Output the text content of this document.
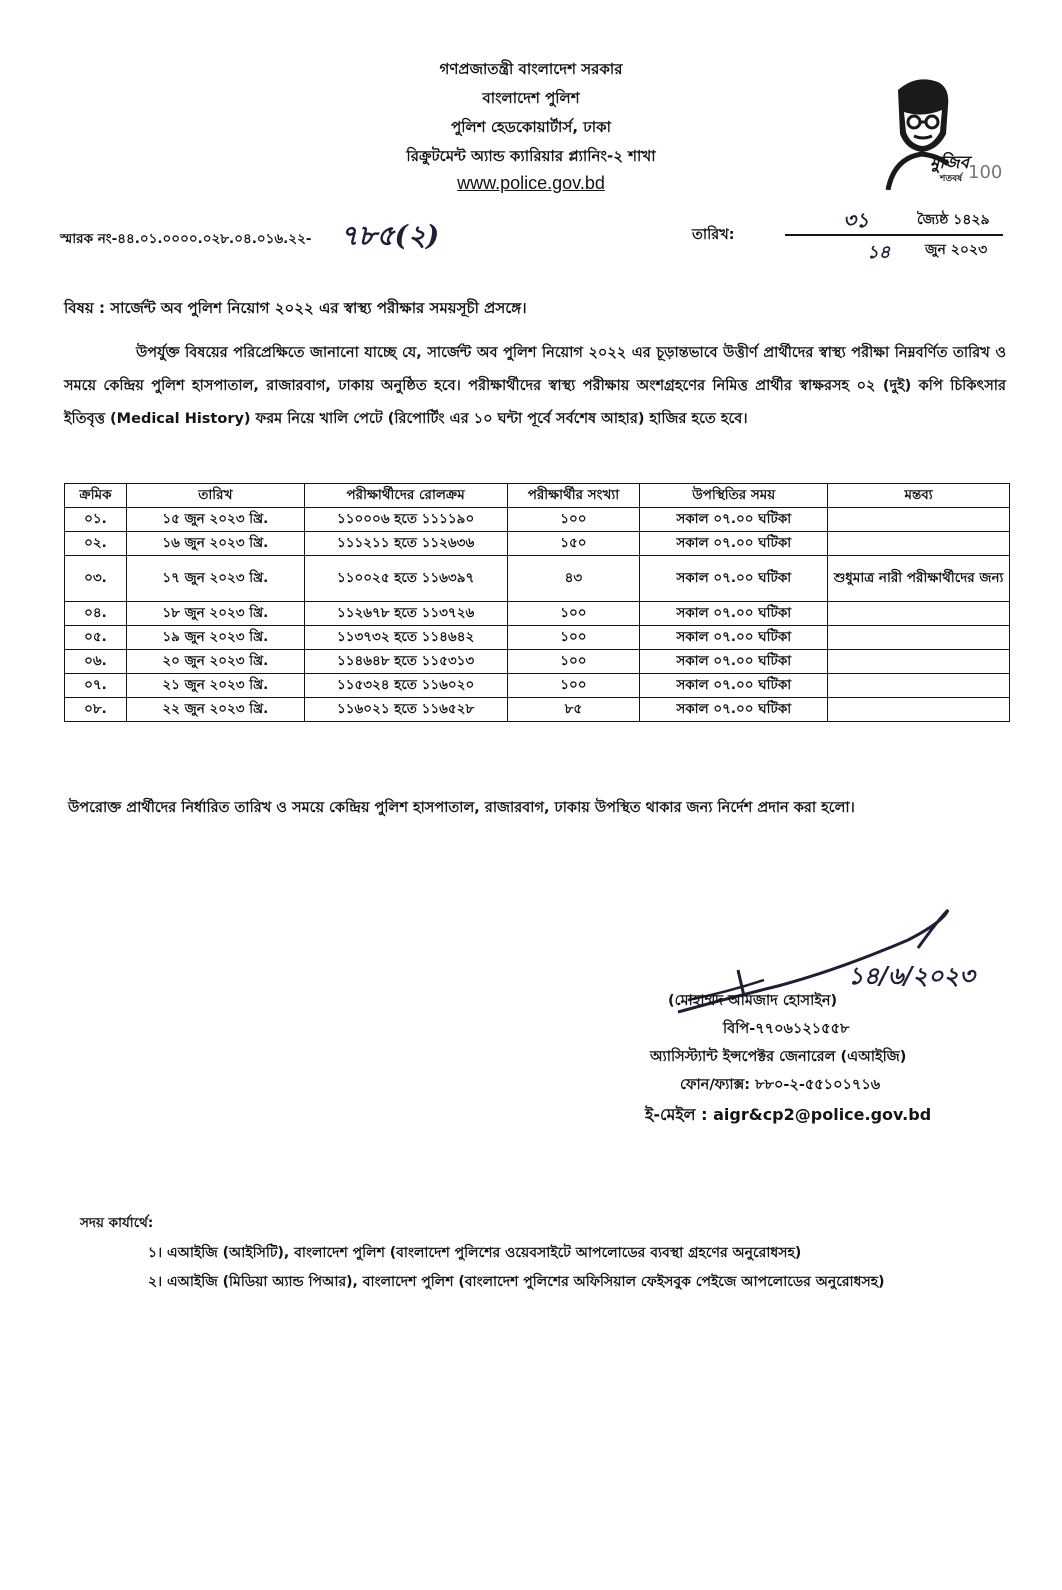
গণপ্রজাতন্ত্রী বাংলাদেশ সরকার
বাংলাদেশ পুলিশ
পুলিশ হেডকোয়ার্টার্স, ঢাকা
রিক্রুটমেন্ট অ্যান্ড ক্যারিয়ার প্ল্যানিং-২ শাখা
www.police.gov.bd
মুজিব
শতবর্ষ 100
স্মারক নং-৪৪.০১.০০০০.০২৮.০৪.০১৬.২২- ৭৮৫(২)	তারিখ:
৩১	জ্যৈষ্ঠ ১৪২৯
১৪ জুন ২০২৩
বিষয় : সার্জেন্ট অব পুলিশ নিয়োগ ২০২২ এর স্বাস্থ্য পরীক্ষার সময়সূচী প্রসঙ্গে।
উপর্যুক্ত বিষয়ের পরিপ্রেক্ষিতে জানানো যাচ্ছে যে, সার্জেন্ট অব পুলিশ নিয়োগ ২০২২ এর চূড়ান্তভাবে উত্তীর্ণ প্রার্থীদের স্বাস্থ্য পরীক্ষা নিম্নবর্ণিত তারিখ ও সময়ে কেন্দ্রিয় পুলিশ হাসপাতাল, রাজারবাগ, ঢাকায় অনুষ্ঠিত হবে। পরীক্ষার্থীদের স্বাস্থ্য পরীক্ষায় অংশগ্রহণের নিমিত্ত প্রার্থীর স্বাক্ষরসহ ০২ (দুই) কপি চিকিৎসার ইতিবৃত্ত (Medical History) ফরম নিয়ে খালি পেটে (রিপোর্টিং এর ১০ ঘন্টা পূর্বে সর্বশেষ আহার) হাজির হতে হবে।
ক্রমিক	তারিখ	পরীক্ষার্থীদের রোলক্রম	পরীক্ষার্থীর সংখ্যা	উপস্থিতির সময়	মন্তব্য
০১.	১৫ জুন ২০২৩ খ্রি.	১১০০০৬ হতে ১১১১৯০	১০০	সকাল ০৭.০০ ঘটিকা	
০২.	১৬ জুন ২০২৩ খ্রি.	১১১২১১ হতে ১১২৬৩৬	১৫০	সকাল ০৭.০০ ঘটিকা	
০৩.	১৭ জুন ২০২৩ খ্রি.	১১০০২৫ হতে ১১৬৩৯৭	৪৩	সকাল ০৭.০০ ঘটিকা	শুধুমাত্র নারী পরীক্ষার্থীদের জন্য
০৪.	১৮ জুন ২০২৩ খ্রি.	১১২৬৭৮ হতে ১১৩৭২৬	১০০	সকাল ০৭.০০ ঘটিকা	
০৫.	১৯ জুন ২০২৩ খ্রি.	১১৩৭৩২ হতে ১১৪৬৪২	১০০	সকাল ০৭.০০ ঘটিকা	
০৬.	২০ জুন ২০২৩ খ্রি.	১১৪৬৪৮ হতে ১১৫৩১৩	১০০	সকাল ০৭.০০ ঘটিকা	
০৭.	২১ জুন ২০২৩ খ্রি.	১১৫৩২৪ হতে ১১৬০২০	১০০	সকাল ০৭.০০ ঘটিকা	
০৮.	২২ জুন ২০২৩ খ্রি.	১১৬০২১ হতে ১১৬৫২৮	৮৫	সকাল ০৭.০০ ঘটিকা	
উপরোক্ত প্রার্থীদের নির্ধারিত তারিখ ও সময়ে কেন্দ্রিয় পুলিশ হাসপাতাল, রাজারবাগ, ঢাকায় উপস্থিত থাকার জন্য নির্দেশ প্রদান করা হলো।
১৪/৬/২০২৩
(মোহাম্মদ আমজাদ হোসাইন)
বিপি-৭৭০৬১২১৫৫৮
অ্যাসিস্ট্যান্ট ইন্সপেক্টর জেনারেল (এআইজি)
ফোন/ফ্যাক্স: ৮৮০-২-৫৫১০১৭১৬
ই-মেইল : aigr&cp2@police.gov.bd
সদয় কার্যার্থে:
১। এআইজি (আইসিটি), বাংলাদেশ পুলিশ (বাংলাদেশ পুলিশের ওয়েবসাইটে আপলোডের ব্যবস্থা গ্রহণের অনুরোধসহ)
২। এআইজি (মিডিয়া অ্যান্ড পিআর), বাংলাদেশ পুলিশ (বাংলাদেশ পুলিশের অফিসিয়াল ফেইসবুক পেইজে আপলোডের অনুরোধসহ)
